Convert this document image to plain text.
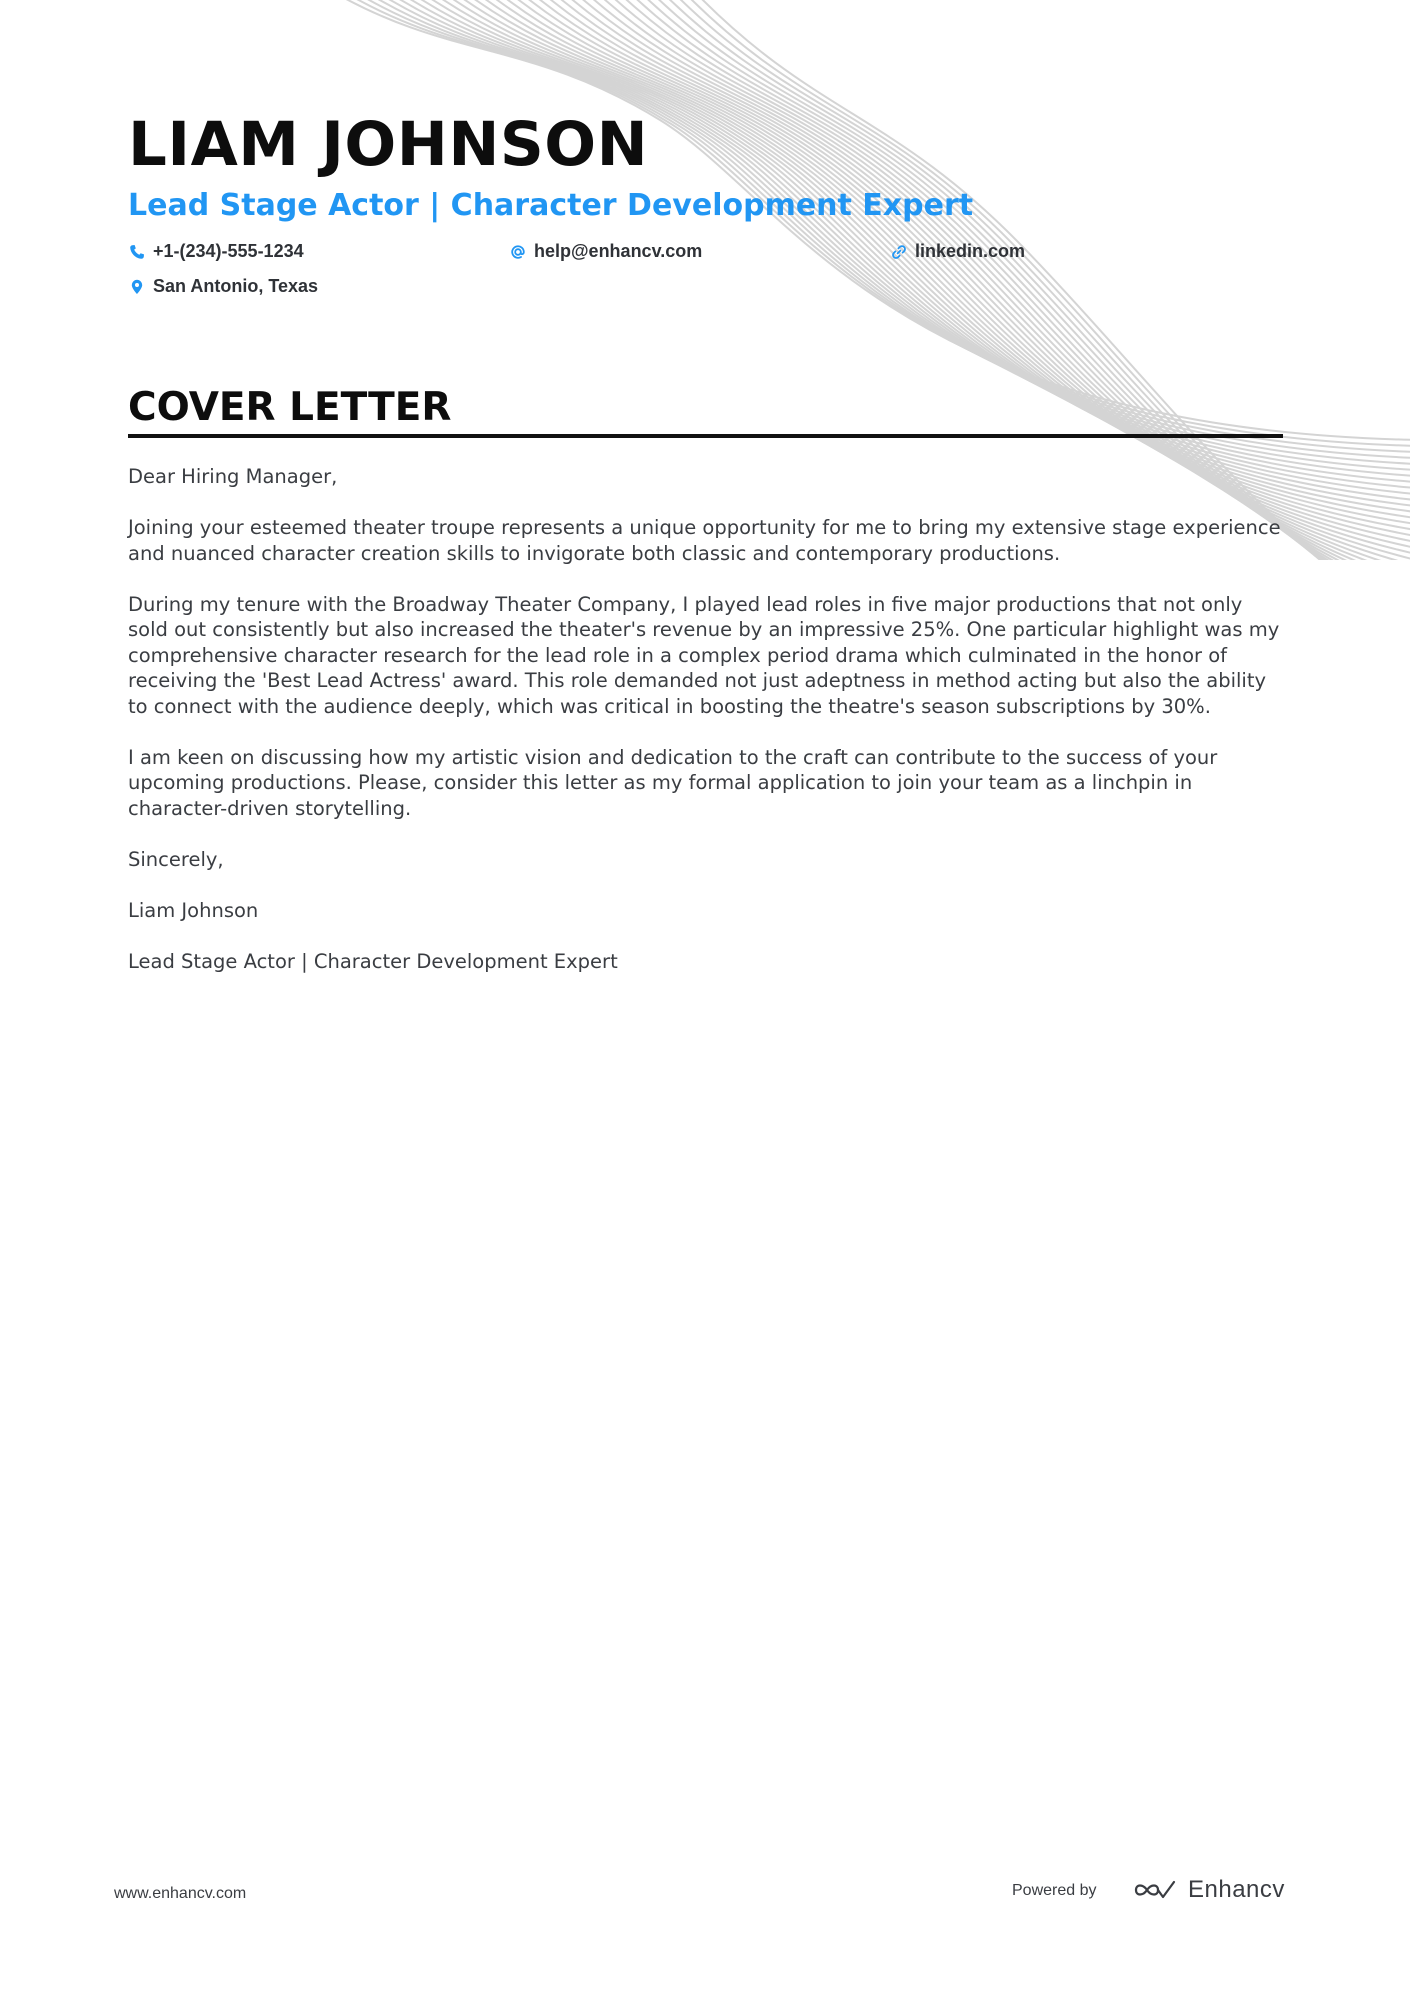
LIAM JOHNSON
Lead Stage Actor | Character Development Expert
+1-(234)-555-1234	help@enhancv.com	linkedin.com
San Antonio, Texas
COVER LETTER

Dear Hiring Manager,

Joining your esteemed theater troupe represents a unique opportunity for me to bring my extensive stage experience and nuanced character creation skills to invigorate both classic and contemporary productions.

During my tenure with the Broadway Theater Company, I played lead roles in five major productions that not only sold out consistently but also increased the theater's revenue by an impressive 25%. One particular highlight was my comprehensive character research for the lead role in a complex period drama which culminated in the honor of receiving the 'Best Lead Actress' award. This role demanded not just adeptness in method acting but also the ability to connect with the audience deeply, which was critical in boosting the theatre's season subscriptions by 30%.

I am keen on discussing how my artistic vision and dedication to the craft can contribute to the success of your upcoming productions. Please, consider this letter as my formal application to join your team as a linchpin in character-driven storytelling.

Sincerely,

Liam Johnson

Lead Stage Actor | Character Development Expert

www.enhancv.com	Powered by	Enhancv
